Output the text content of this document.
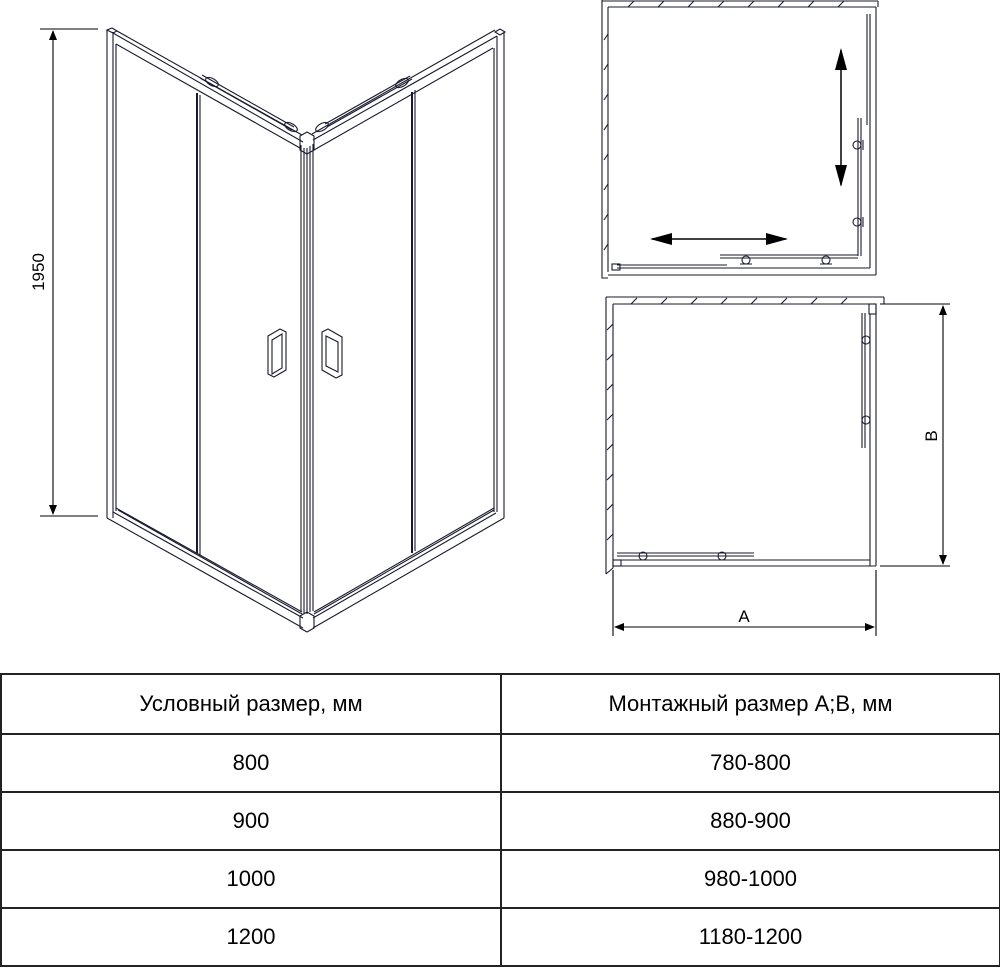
1950
B
A
Условный размер, мм	Монтажный размер A;B, мм
800	780-800
900	880-900
1000	980-1000
1200	1180-1200
